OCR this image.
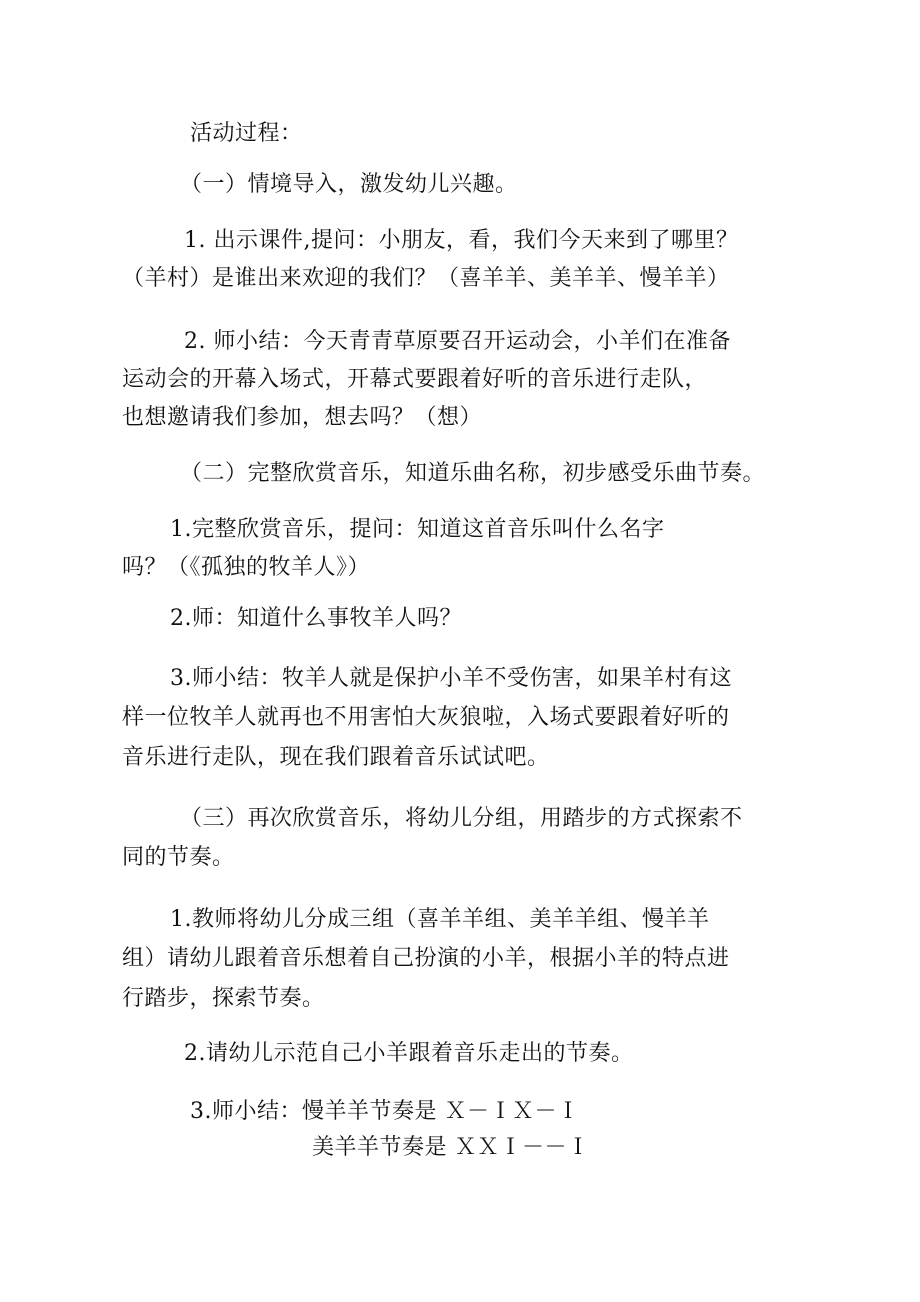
活动过程：
（一）情境导入，激发幼儿兴趣。
1. 出示课件,提问：小朋友，看，我们今天来到了哪里？
（羊村）是谁出来欢迎的我们？（喜羊羊、美羊羊、慢羊羊）
2. 师小结：今天青青草原要召开运动会，小羊们在准备
运动会的开幕入场式，开幕式要跟着好听的音乐进行走队，
也想邀请我们参加，想去吗？（想）
（二）完整欣赏音乐，知道乐曲名称，初步感受乐曲节奏。
1.完整欣赏音乐，提问：知道这首音乐叫什么名字
吗？（《孤独的牧羊人》）
2.师：知道什么事牧羊人吗？
3.师小结：牧羊人就是保护小羊不受伤害，如果羊村有这
样一位牧羊人就再也不用害怕大灰狼啦，入场式要跟着好听的
音乐进行走队，现在我们跟着音乐试试吧。
（三）再次欣赏音乐，将幼儿分组，用踏步的方式探索不
同的节奏。
1.教师将幼儿分成三组（喜羊羊组、美羊羊组、慢羊羊
组）请幼儿跟着音乐想着自己扮演的小羊，根据小羊的特点进
行踏步，探索节奏。
2.请幼儿示范自己小羊跟着音乐走出的节奏。
3.师小结：慢羊羊节奏是 Ｘ－ＩＸ－Ｉ
美羊羊节奏是 ＸＸＩ－－Ｉ
